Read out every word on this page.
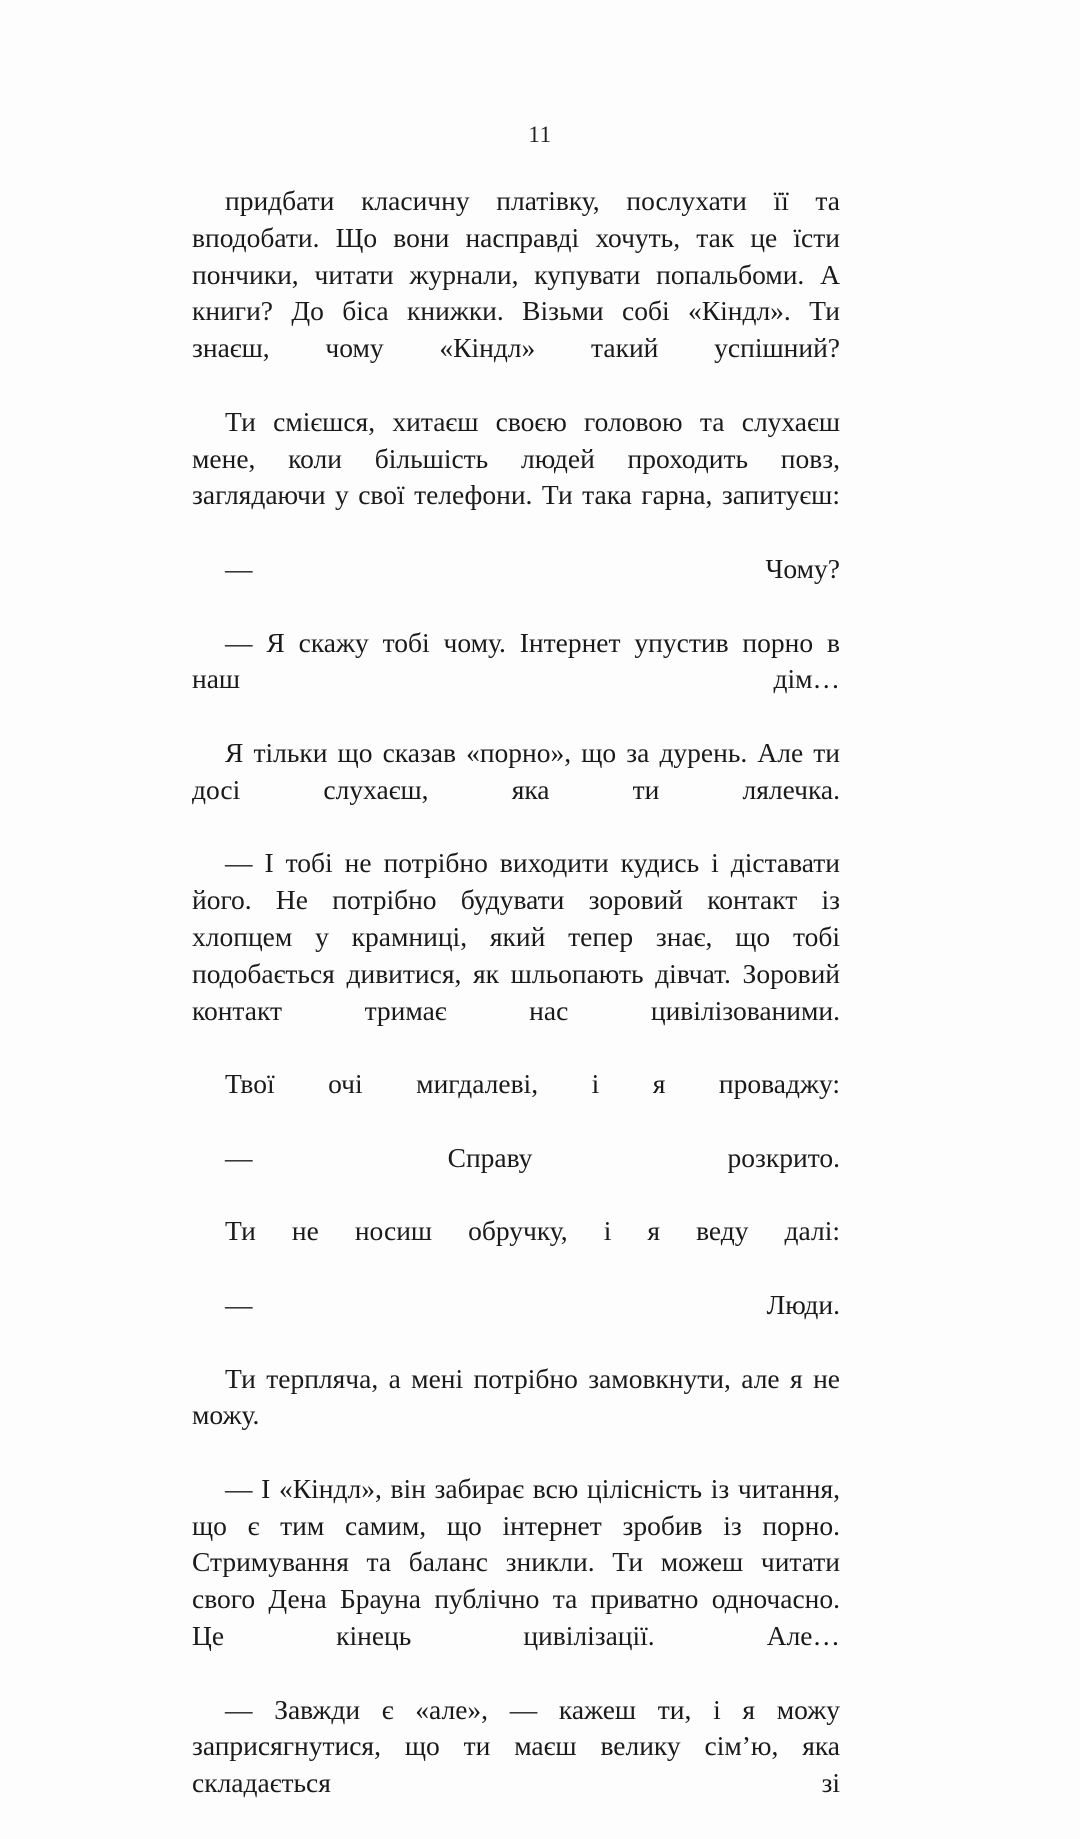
11

придбати класичну платівку, послухати її та вподобати. Що вони насправді хочуть, так це їсти пончики, читати журнали, купувати попальбоми. А книги? До біса книжки. Візьми собі «Кіндл». Ти знаєш, чому «Кіндл» такий успішний?

Ти смієшся, хитаєш своєю головою та слухаєш мене, коли більшість людей проходить повз, заглядаючи у свої телефони. Ти така гарна, запитуєш:

— Чому?

— Я скажу тобі чому. Інтернет упустив порно в наш дім…

Я тільки що сказав «порно», що за дурень. Але ти досі слухаєш, яка ти лялечка.

— І тобі не потрібно виходити кудись і діставати його. Не потрібно будувати зоровий контакт із хлопцем у крамниці, який тепер знає, що тобі подобається дивитися, як шльопають дівчат. Зоровий контакт тримає нас цивілізованими.

Твої очі мигдалеві, і я проваджу:

— Справу розкрито.

Ти не носиш обручку, і я веду далі:

— Люди.

Ти терпляча, а мені потрібно замовкнути, але я не можу.

— І «Кіндл», він забирає всю цілісність із читання, що є тим самим, що інтернет зробив із порно. Стримування та баланс зникли. Ти можеш читати свого Дена Брауна публічно та приватно одночасно. Це кінець цивілізації. Але…

— Завжди є «але», — кажеш ти, і я можу заприсягнутися, що ти маєш велику сім’ю, яка складається зі
